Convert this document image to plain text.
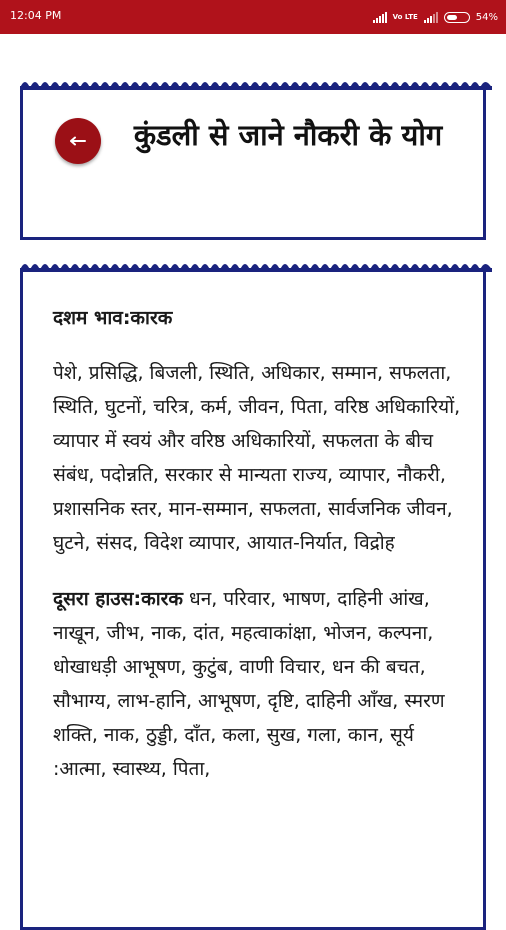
12:04 PM	Vo LTE	54%
कुंडली से जाने नौकरी के योग

दशम भाव:कारक

पेशे, प्रसिद्धि, बिजली, स्थिति, अधिकार, सम्मान, सफलता, स्थिति, घुटनों, चरित्र, कर्म, जीवन, पिता, वरिष्ठ अधिकारियों, व्यापार में स्वयं और वरिष्ठ अधिकारियों, सफलता के बीच संबंध, पदोन्नति, सरकार से मान्यता राज्य, व्यापार, नौकरी, प्रशासनिक स्तर, मान-सम्मान, सफलता, सार्वजनिक जीवन, घुटने, संसद, विदेश व्यापार, आयात-निर्यात, विद्रोह

दूसरा हाउस:कारक धन, परिवार, भाषण, दाहिनी आंख, नाखून, जीभ, नाक, दांत, महत्वाकांक्षा, भोजन, कल्पना, धोखाधड़ी आभूषण, कुटुंब, वाणी विचार, धन की बचत, सौभाग्य, लाभ-हानि, आभूषण, दृष्टि, दाहिनी आँख, स्मरण शक्ति, नाक, ठुड्डी, दाँत, कला, सुख, गला, कान, सूर्य :आत्मा, स्वास्थ्य, पिता,
